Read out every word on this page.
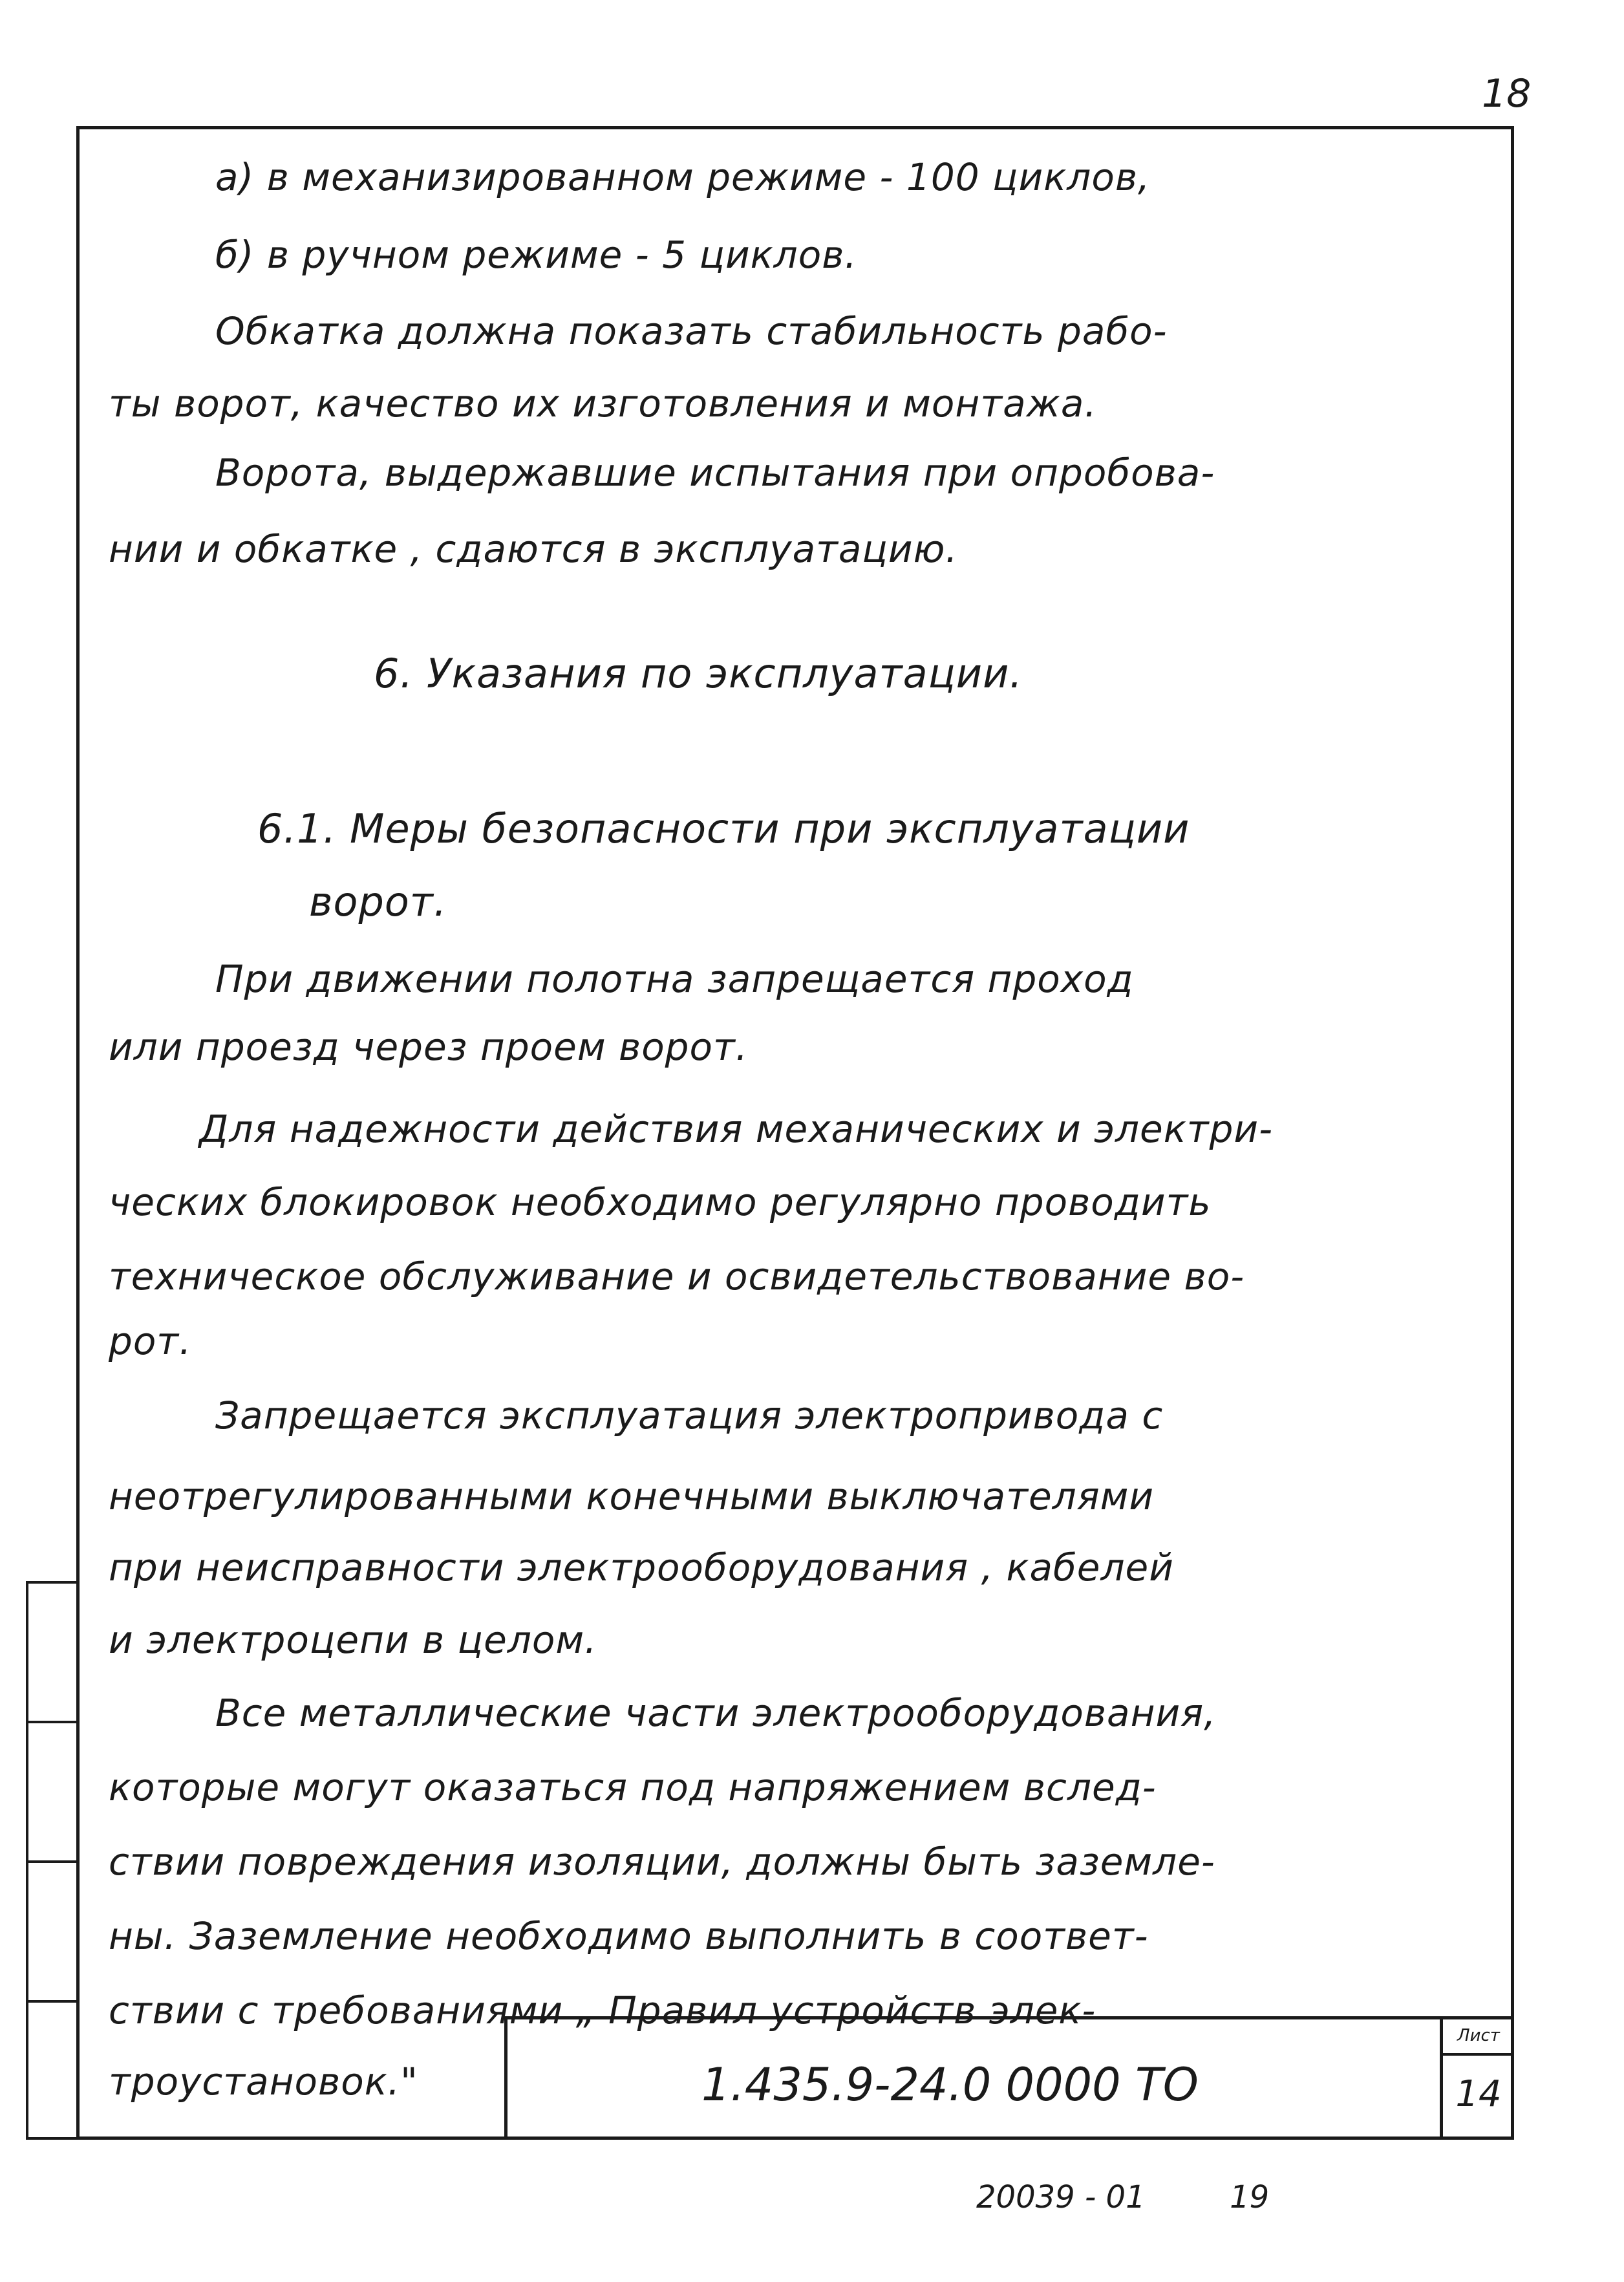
18
а) в механизированном режиме - 100 циклов,
б) в ручном режиме - 5 циклов.
Обкатка должна показать стабильность рабо-
ты ворот, качество их изготовления и монтажа.
Ворота, выдержавшие испытания при опробова-
нии и обкатке , сдаются в эксплуатацию.
6. Указания по эксплуатации.
6.1. Меры безопасности при эксплуатации
ворот.
При движении полотна запрещается проход
или проезд через проем ворот.
Для надежности действия механических и электри-
ческих блокировок необходимо регулярно проводить
техническое обслуживание и освидетельствование во-
рот.
Запрещается эксплуатация электропривода с
неотрегулированными конечными выключателями
при неисправности электрооборудования , кабелей
и электроцепи в целом.
Все металлические части электрооборудования,
которые могут оказаться под напряжением вслед-
ствии повреждения изоляции, должны быть заземле-
ны. Заземление необходимо выполнить в соответ-
ствии с требованиями „ Правил устройств элек-
троустановок."	1.435.9-24.0 0000 ТО
Лист
14
20039 - 01	19
